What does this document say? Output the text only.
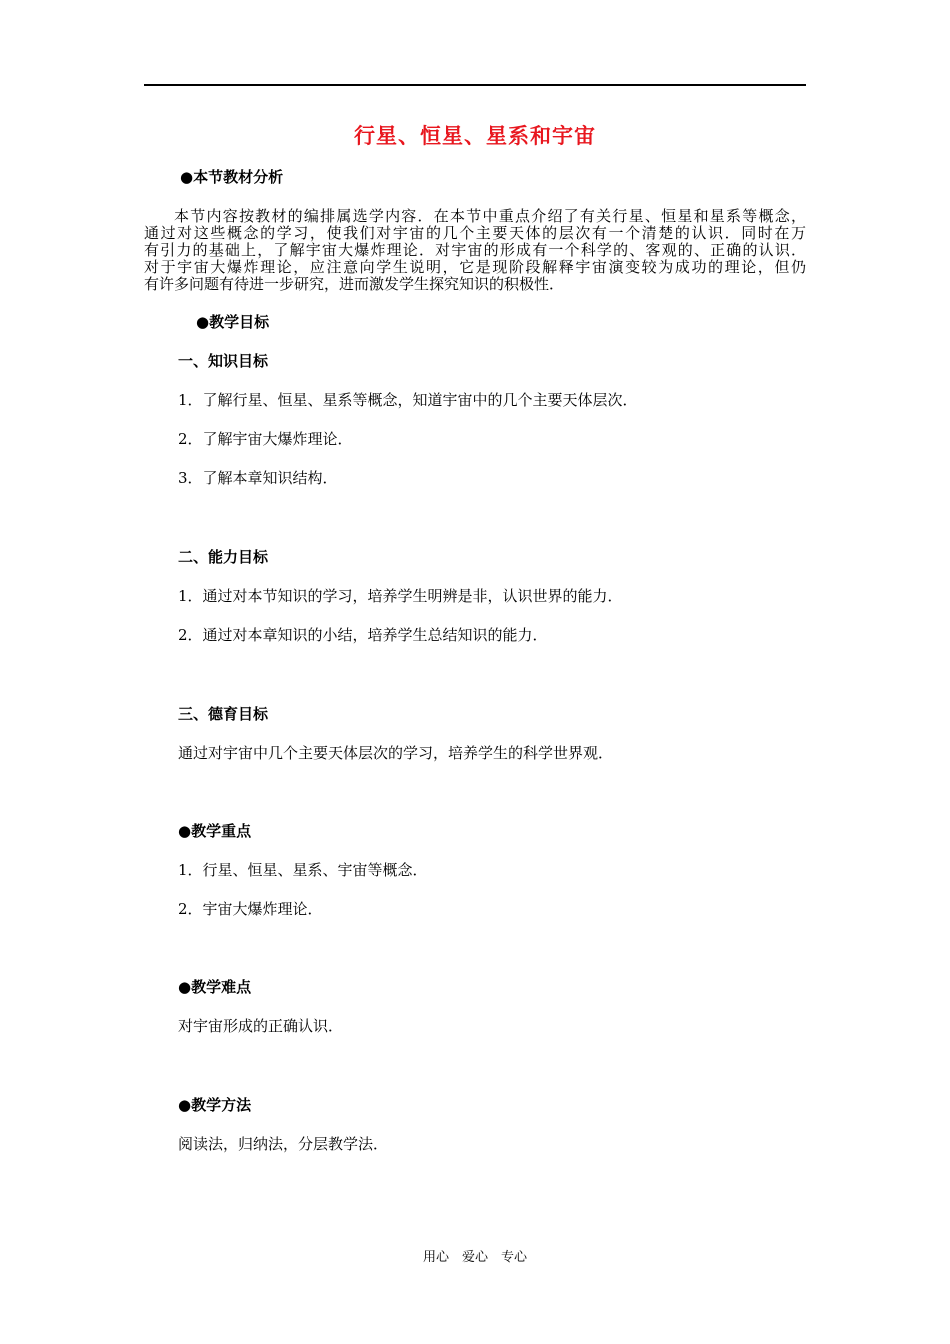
行星、恒星、星系和宇宙
●本节教材分析
本节内容按教材的编排属选学内容．在本节中重点介绍了有关行星、恒星和星系等概念，
通过对这些概念的学习，使我们对宇宙的几个主要天体的层次有一个清楚的认识．同时在万
有引力的基础上，了解宇宙大爆炸理论．对宇宙的形成有一个科学的、客观的、正确的认识．
对于宇宙大爆炸理论，应注意向学生说明，它是现阶段解释宇宙演变较为成功的理论，但仍
有许多问题有待进一步研究，进而激发学生探究知识的积极性．
●教学目标
一、知识目标
1．了解行星、恒星、星系等概念，知道宇宙中的几个主要天体层次．
2．了解宇宙大爆炸理论．
3．了解本章知识结构．
二、能力目标
1．通过对本节知识的学习，培养学生明辨是非，认识世界的能力．
2．通过对本章知识的小结，培养学生总结知识的能力．
三、德育目标
通过对宇宙中几个主要天体层次的学习，培养学生的科学世界观．
●教学重点
1．行星、恒星、星系、宇宙等概念．
2．宇宙大爆炸理论．
●教学难点
对宇宙形成的正确认识．
●教学方法
阅读法，归纳法，分层教学法．
用心　爱心　专心
